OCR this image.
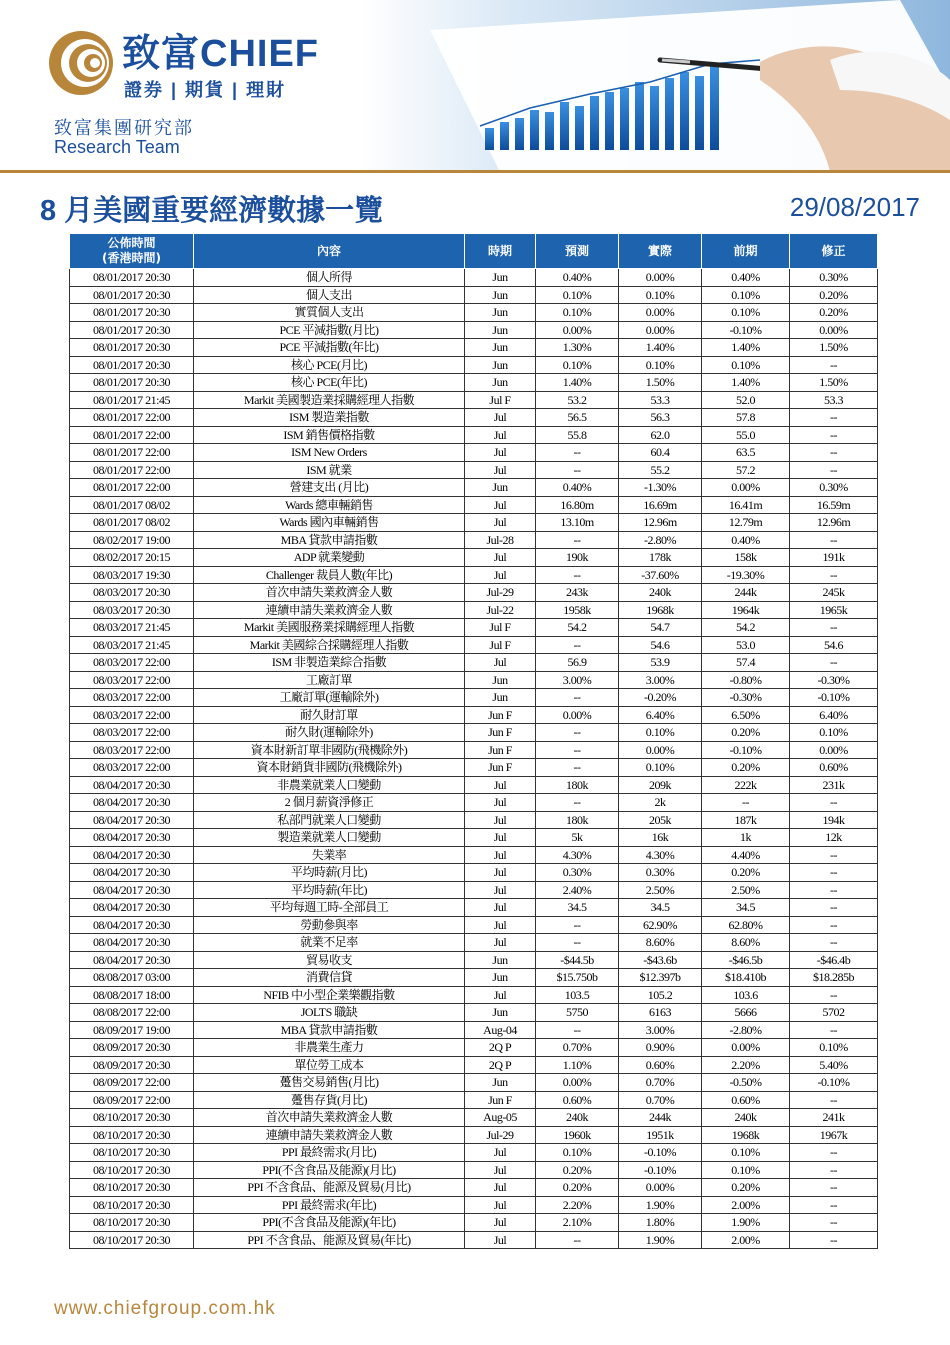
致富CHIEF
證券 | 期貨 | 理財
致富集團研究部
Research Team
8 月美國重要經濟數據一覽	29/08/2017
公佈時間
(香港時間)	內容	時期	預測	實際	前期	修正
08/01/2017 20:30	個人所得	Jun	0.40%	0.00%	0.40%	0.30%
08/01/2017 20:30	個人支出	Jun	0.10%	0.10%	0.10%	0.20%
08/01/2017 20:30	實質個人支出	Jun	0.10%	0.00%	0.10%	0.20%
08/01/2017 20:30	PCE 平減指數(月比)	Jun	0.00%	0.00%	-0.10%	0.00%
08/01/2017 20:30	PCE 平減指數(年比)	Jun	1.30%	1.40%	1.40%	1.50%
08/01/2017 20:30	核心 PCE(月比)	Jun	0.10%	0.10%	0.10%	--
08/01/2017 20:30	核心 PCE(年比)	Jun	1.40%	1.50%	1.40%	1.50%
08/01/2017 21:45	Markit 美國製造業採購經理人指數	Jul F	53.2	53.3	52.0	53.3
08/01/2017 22:00	ISM 製造業指數	Jul	56.5	56.3	57.8	--
08/01/2017 22:00	ISM 銷售價格指數	Jul	55.8	62.0	55.0	--
08/01/2017 22:00	ISM New Orders	Jul	--	60.4	63.5	--
08/01/2017 22:00	ISM 就業	Jul	--	55.2	57.2	--
08/01/2017 22:00	營建支出 (月比)	Jun	0.40%	-1.30%	0.00%	0.30%
08/01/2017 08/02	Wards 總車輛銷售	Jul	16.80m	16.69m	16.41m	16.59m
08/01/2017 08/02	Wards 國內車輛銷售	Jul	13.10m	12.96m	12.79m	12.96m
08/02/2017 19:00	MBA 貸款申請指數	Jul-28	--	-2.80%	0.40%	--
08/02/2017 20:15	ADP 就業變動	Jul	190k	178k	158k	191k
08/03/2017 19:30	Challenger 裁員人數(年比)	Jul	--	-37.60%	-19.30%	--
08/03/2017 20:30	首次申請失業救濟金人數	Jul-29	243k	240k	244k	245k
08/03/2017 20:30	連續申請失業救濟金人數	Jul-22	1958k	1968k	1964k	1965k
08/03/2017 21:45	Markit 美國服務業採購經理人指數	Jul F	54.2	54.7	54.2	--
08/03/2017 21:45	Markit 美國綜合採購經理人指數	Jul F	--	54.6	53.0	54.6
08/03/2017 22:00	ISM 非製造業綜合指數	Jul	56.9	53.9	57.4	--
08/03/2017 22:00	工廠訂單	Jun	3.00%	3.00%	-0.80%	-0.30%
08/03/2017 22:00	工廠訂單(運輸除外)	Jun	--	-0.20%	-0.30%	-0.10%
08/03/2017 22:00	耐久財訂單	Jun F	0.00%	6.40%	6.50%	6.40%
08/03/2017 22:00	耐久財(運輸除外)	Jun F	--	0.10%	0.20%	0.10%
08/03/2017 22:00	資本財新訂單非國防(飛機除外)	Jun F	--	0.00%	-0.10%	0.00%
08/03/2017 22:00	資本財銷貨非國防(飛機除外)	Jun F	--	0.10%	0.20%	0.60%
08/04/2017 20:30	非農業就業人口變動	Jul	180k	209k	222k	231k
08/04/2017 20:30	2 個月薪資淨修正	Jul	--	2k	--	--
08/04/2017 20:30	私部門就業人口變動	Jul	180k	205k	187k	194k
08/04/2017 20:30	製造業就業人口變動	Jul	5k	16k	1k	12k
08/04/2017 20:30	失業率	Jul	4.30%	4.30%	4.40%	--
08/04/2017 20:30	平均時薪(月比)	Jul	0.30%	0.30%	0.20%	--
08/04/2017 20:30	平均時薪(年比)	Jul	2.40%	2.50%	2.50%	--
08/04/2017 20:30	平均每週工時-全部員工	Jul	34.5	34.5	34.5	--
08/04/2017 20:30	勞動參與率	Jul	--	62.90%	62.80%	--
08/04/2017 20:30	就業不足率	Jul	--	8.60%	8.60%	--
08/04/2017 20:30	貿易收支	Jun	-$44.5b	-$43.6b	-$46.5b	-$46.4b
08/08/2017 03:00	消費信貸	Jun	$15.750b	$12.397b	$18.410b	$18.285b
08/08/2017 18:00	NFIB 中小型企業樂觀指數	Jul	103.5	105.2	103.6	--
08/08/2017 22:00	JOLTS 職缺	Jun	5750	6163	5666	5702
08/09/2017 19:00	MBA 貸款申請指數	Aug-04	--	3.00%	-2.80%	--
08/09/2017 20:30	非農業生產力	2Q P	0.70%	0.90%	0.00%	0.10%
08/09/2017 20:30	單位勞工成本	2Q P	1.10%	0.60%	2.20%	5.40%
08/09/2017 22:00	躉售交易銷售(月比)	Jun	0.00%	0.70%	-0.50%	-0.10%
08/09/2017 22:00	躉售存貨(月比)	Jun F	0.60%	0.70%	0.60%	--
08/10/2017 20:30	首次申請失業救濟金人數	Aug-05	240k	244k	240k	241k
08/10/2017 20:30	連續申請失業救濟金人數	Jul-29	1960k	1951k	1968k	1967k
08/10/2017 20:30	PPI 最終需求(月比)	Jul	0.10%	-0.10%	0.10%	--
08/10/2017 20:30	PPI(不含食品及能源)(月比)	Jul	0.20%	-0.10%	0.10%	--
08/10/2017 20:30	PPI 不含食品、能源及貿易(月比)	Jul	0.20%	0.00%	0.20%	--
08/10/2017 20:30	PPI 最終需求(年比)	Jul	2.20%	1.90%	2.00%	--
08/10/2017 20:30	PPI(不含食品及能源)(年比)	Jul	2.10%	1.80%	1.90%	--
08/10/2017 20:30	PPI 不含食品、能源及貿易(年比)	Jul	--	1.90%	2.00%	--
www.chiefgroup.com.hk
